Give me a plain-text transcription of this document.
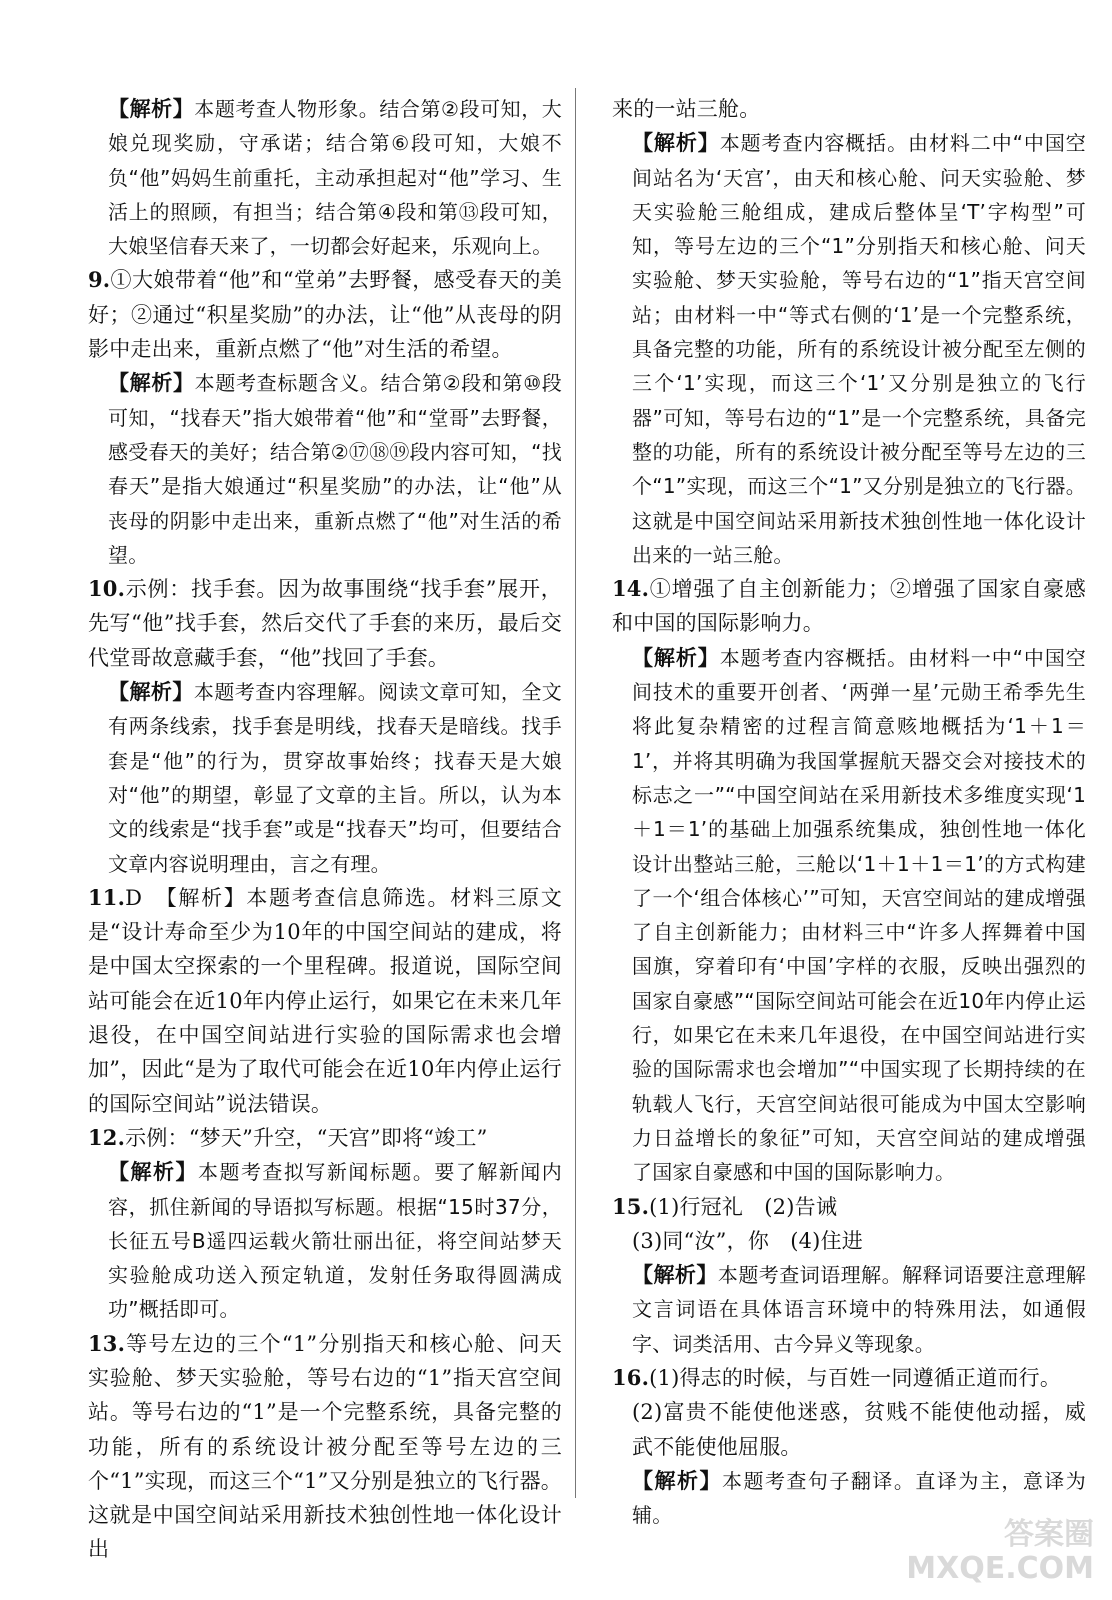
【解析】本题考查人物形象。结合第②段可知，大娘兑现奖励，守承诺；结合第⑥段可知，大娘不负“他”妈妈生前重托，主动承担起对“他”学习、生活上的照顾，有担当；结合第④段和第⑬段可知，大娘坚信春天来了，一切都会好起来，乐观向上。

9.①大娘带着“他”和“堂弟”去野餐，感受春天的美好；②通过“积星奖励”的办法，让“他”从丧母的阴影中走出来，重新点燃了“他”对生活的希望。

【解析】本题考查标题含义。结合第②段和第⑩段可知，“找春天”指大娘带着“他”和“堂哥”去野餐，感受春天的美好；结合第②⑰⑱⑲段内容可知，“找春天”是指大娘通过“积星奖励”的办法，让“他”从丧母的阴影中走出来，重新点燃了“他”对生活的希望。

10.示例：找手套。因为故事围绕“找手套”展开，先写“他”找手套，然后交代了手套的来历，最后交代堂哥故意藏手套，“他”找回了手套。

【解析】本题考查内容理解。阅读文章可知，全文有两条线索，找手套是明线，找春天是暗线。找手套是“他”的行为，贯穿故事始终；找春天是大娘对“他”的期望，彰显了文章的主旨。所以，认为本文的线索是“找手套”或是“找春天”均可，但要结合文章内容说明理由，言之有理。

11.D　【解析】本题考查信息筛选。材料三原文是“设计寿命至少为10年的中国空间站的建成，将是中国太空探索的一个里程碑。报道说，国际空间站可能会在近10年内停止运行，如果它在未来几年退役，在中国空间站进行实验的国际需求也会增加”，因此“是为了取代可能会在近10年内停止运行的国际空间站”说法错误。

12.示例：“梦天”升空，“天宫”即将“竣工”

【解析】本题考查拟写新闻标题。要了解新闻内容，抓住新闻的导语拟写标题。根据“15时37分，长征五号B遥四运载火箭壮丽出征，将空间站梦天实验舱成功送入预定轨道，发射任务取得圆满成功”概括即可。

13.等号左边的三个“1”分别指天和核心舱、问天实验舱、梦天实验舱，等号右边的“1”指天宫空间站。等号右边的“1”是一个完整系统，具备完整的功能，所有的系统设计被分配至等号左边的三个“1”实现，而这三个“1”又分别是独立的飞行器。这就是中国空间站采用新技术独创性地一体化设计出

来的一站三舱。

【解析】本题考查内容概括。由材料二中“中国空间站名为‘天宫’，由天和核心舱、问天实验舱、梦天实验舱三舱组成，建成后整体呈‘T’字构型”可知，等号左边的三个“1”分别指天和核心舱、问天实验舱、梦天实验舱，等号右边的“1”指天宫空间站；由材料一中“等式右侧的‘1’是一个完整系统，具备完整的功能，所有的系统设计被分配至左侧的三个‘1’实现，而这三个‘1’又分别是独立的飞行器”可知，等号右边的“1”是一个完整系统，具备完整的功能，所有的系统设计被分配至等号左边的三个“1”实现，而这三个“1”又分别是独立的飞行器。这就是中国空间站采用新技术独创性地一体化设计出来的一站三舱。

14.①增强了自主创新能力；②增强了国家自豪感和中国的国际影响力。

【解析】本题考查内容概括。由材料一中“中国空间技术的重要开创者、‘两弹一星’元勋王希季先生将此复杂精密的过程言简意赅地概括为‘1＋1＝1’，并将其明确为我国掌握航天器交会对接技术的标志之一”“中国空间站在采用新技术多维度实现‘1＋1＝1’的基础上加强系统集成，独创性地一体化设计出整站三舱，三舱以‘1＋1＋1＝1’的方式构建了一个‘组合体核心’”可知，天宫空间站的建成增强了自主创新能力；由材料三中“许多人挥舞着中国国旗，穿着印有‘中国’字样的衣服，反映出强烈的国家自豪感”“国际空间站可能会在近10年内停止运行，如果它在未来几年退役，在中国空间站进行实验的国际需求也会增加”“中国实现了长期持续的在轨载人飞行，天宫空间站很可能成为中国太空影响力日益增长的象征”可知，天宫空间站的建成增强了国家自豪感和中国的国际影响力。

15.(1)行冠礼　(2)告诫

(3)同“汝”，你　(4)住进

【解析】本题考查词语理解。解释词语要注意理解文言词语在具体语言环境中的特殊用法，如通假字、词类活用、古今异义等现象。

16.(1)得志的时候，与百姓一同遵循正道而行。

(2)富贵不能使他迷惑，贫贱不能使他动摇，威武不能使他屈服。

【解析】本题考查句子翻译。直译为主，意译为辅。

答案圈
MXQE.COM
